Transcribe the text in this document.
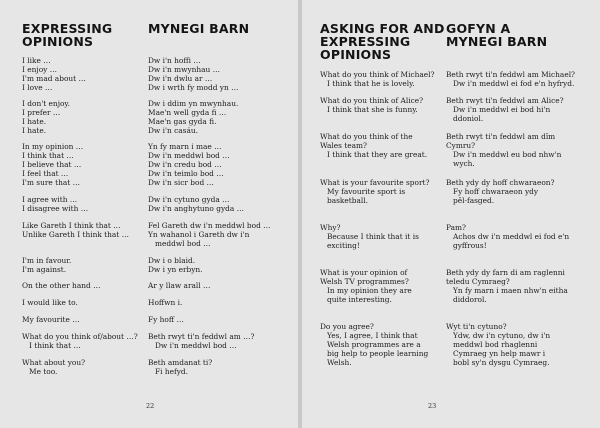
EXPRESSING
OPINIONS
MYNEGI BARN
I like …
I enjoy …
I'm mad about …
I love …
I don't enjoy.
I prefer …
I hate.
I hate.
In my opinion …
I think that …
I believe that …
I feel that …
I'm sure that …
I agree with …
I disagree with …
Like Gareth I think that …
Unlike Gareth I think that …
I'm in favour.
I'm against.
On the other hand …
I would like to.
My favourite …
What do you think of/about …?
I think that …
What about you?
Me too.
Dw i'n hoffi …
Dw i'n mwynhau …
Dw i'n dwlu ar …
Dw i wrth fy modd yn …
Dw i ddim yn mwynhau.
Mae'n well gyda fi …
Mae'n gas gyda fi.
Dw i'n casáu.
Yn fy marn i mae …
Dw i'n meddwl bod …
Dw i'n credu bod …
Dw i'n teimlo bod …
Dw i'n sicr bod …
Dw i'n cytuno gyda …
Dw i'n anghytuno gyda …
Fel Gareth dw i'n meddwl bod …
Yn wahanol i Gareth dw i'n
meddwl bod …
Dw i o blaid.
Dw i yn erbyn.
Ar y llaw arall …
Hoffwn i.
Fy hoff …
Beth rwyt ti'n feddwl am …?
Dw i'n meddwl bod …
Beth amdanat ti?
Fi hefyd.
22
ASKING FOR AND
EXPRESSING
OPINIONS
GOFYN A
MYNEGI BARN
What do you think of Michael?
I think that he is lovely.
What do you think of Alice?
I think that she is funny.
What do you think of the
Wales team?
I think that they are great.
What is your favourite sport?
My favourite sport is
basketball.
Why?
Because I think that it is
exciting!
What is your opinion of
Welsh TV programmes?
In my opinion they are
quite interesting.
Do you agree?
Yes, I agree, I think that
Welsh programmes are a
big help to people learning
Welsh.
Beth rwyt ti'n feddwl am Michael?
Dw i'n meddwl ei fod e'n hyfryd.
Beth rwyt ti'n feddwl am Alice?
Dw i'n meddwl ei bod hi'n
ddoniol.
Beth rwyt ti'n feddwl am dîm
Cymru?
Dw i'n meddwl eu bod nhw'n
wych.
Beth ydy dy hoff chwaraeon?
Fy hoff chwaraeon ydy
pêl-fasged.
Pam?
Achos dw i'n meddwl ei fod e'n
gyffrous!
Beth ydy dy farn di am raglenni
teledu Cymraeg?
Yn fy marn i maen nhw'n eitha
diddorol.
Wyt ti'n cytuno?
Ydw, dw i'n cytuno, dw i'n
meddwl bod rhaglenni
Cymraeg yn help mawr i
bobl sy'n dysgu Cymraeg.
23
